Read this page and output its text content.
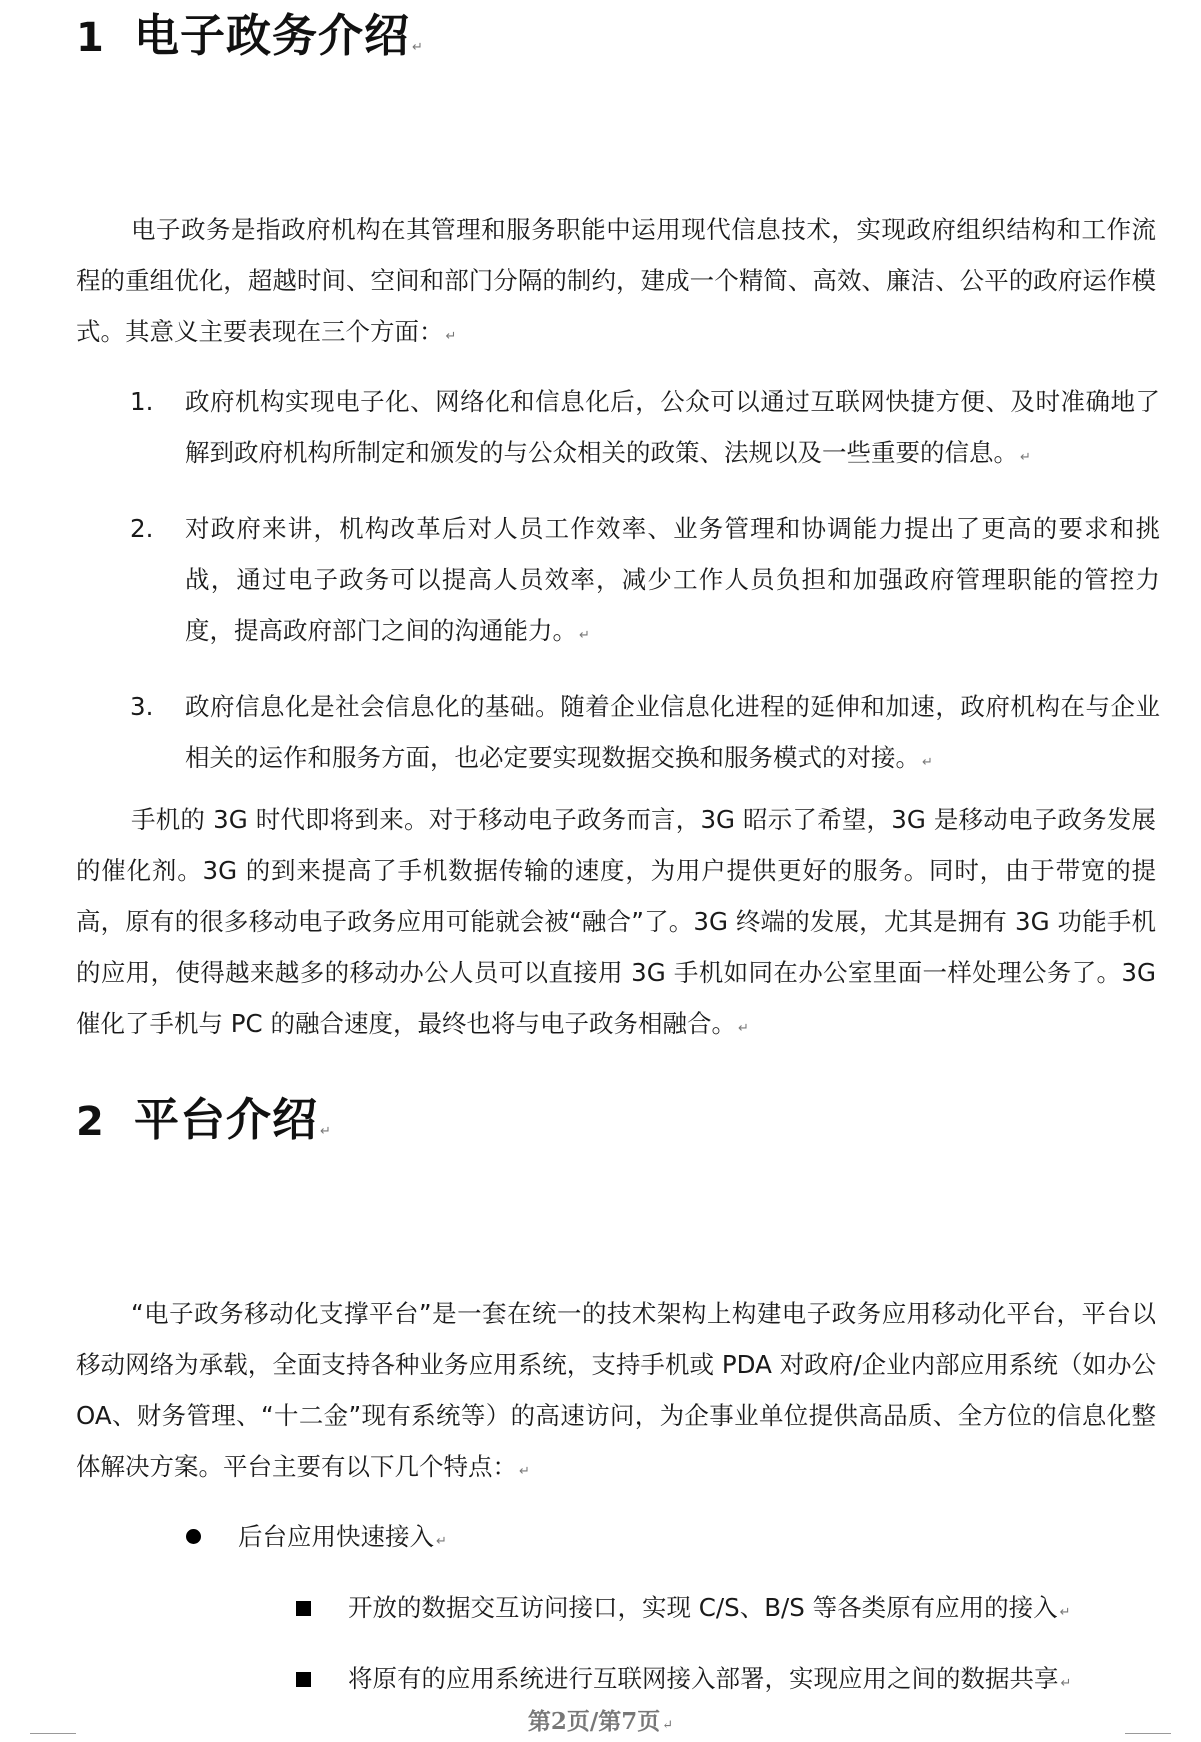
1 电子政务介绍 ↵
电子政务是指政府机构在其管理和服务职能中运用现代信息技术，实现政府组织结构和工作流程的重组优化，超越时间、空间和部门分隔的制约，建成一个精简、高效、廉洁、公平的政府运作模式。其意义主要表现在三个方面： ↵
1. 政府机构实现电子化、网络化和信息化后，公众可以通过互联网快捷方便、及时准确地了解到政府机构所制定和颁发的与公众相关的政策、法规以及一些重要的信息。 ↵
2. 对政府来讲，机构改革后对人员工作效率、业务管理和协调能力提出了更高的要求和挑战，通过电子政务可以提高人员效率，减少工作人员负担和加强政府管理职能的管控力度，提高政府部门之间的沟通能力。 ↵
3. 政府信息化是社会信息化的基础。随着企业信息化进程的延伸和加速，政府机构在与企业相关的运作和服务方面，也必定要实现数据交换和服务模式的对接。 ↵
手机的 3G 时代即将到来。对于移动电子政务而言，3G 昭示了希望，3G 是移动电子政务发展的催化剂。3G 的到来提高了手机数据传输的速度，为用户提供更好的服务。同时，由于带宽的提高，原有的很多移动电子政务应用可能就会被“融合”了。3G 终端的发展，尤其是拥有 3G 功能手机的应用，使得越来越多的移动办公人员可以直接用 3G 手机如同在办公室里面一样处理公务了。3G 催化了手机与 PC 的融合速度，最终也将与电子政务相融合。 ↵
2 平台介绍 ↵
“电子政务移动化支撑平台”是一套在统一的技术架构上构建电子政务应用移动化平台，平台以移动网络为承载，全面支持各种业务应用系统，支持手机或 PDA 对政府/企业内部应用系统（如办公 OA、财务管理、“十二金”现有系统等）的高速访问，为企事业单位提供高品质、全方位的信息化整体解决方案。平台主要有以下几个特点： ↵
后台应用快速接入 ↵
开放的数据交互访问接口，实现 C/S、B/S 等各类原有应用的接入 ↵
将原有的应用系统进行互联网接入部署，实现应用之间的数据共享 ↵
第2页/第7页 ↵
